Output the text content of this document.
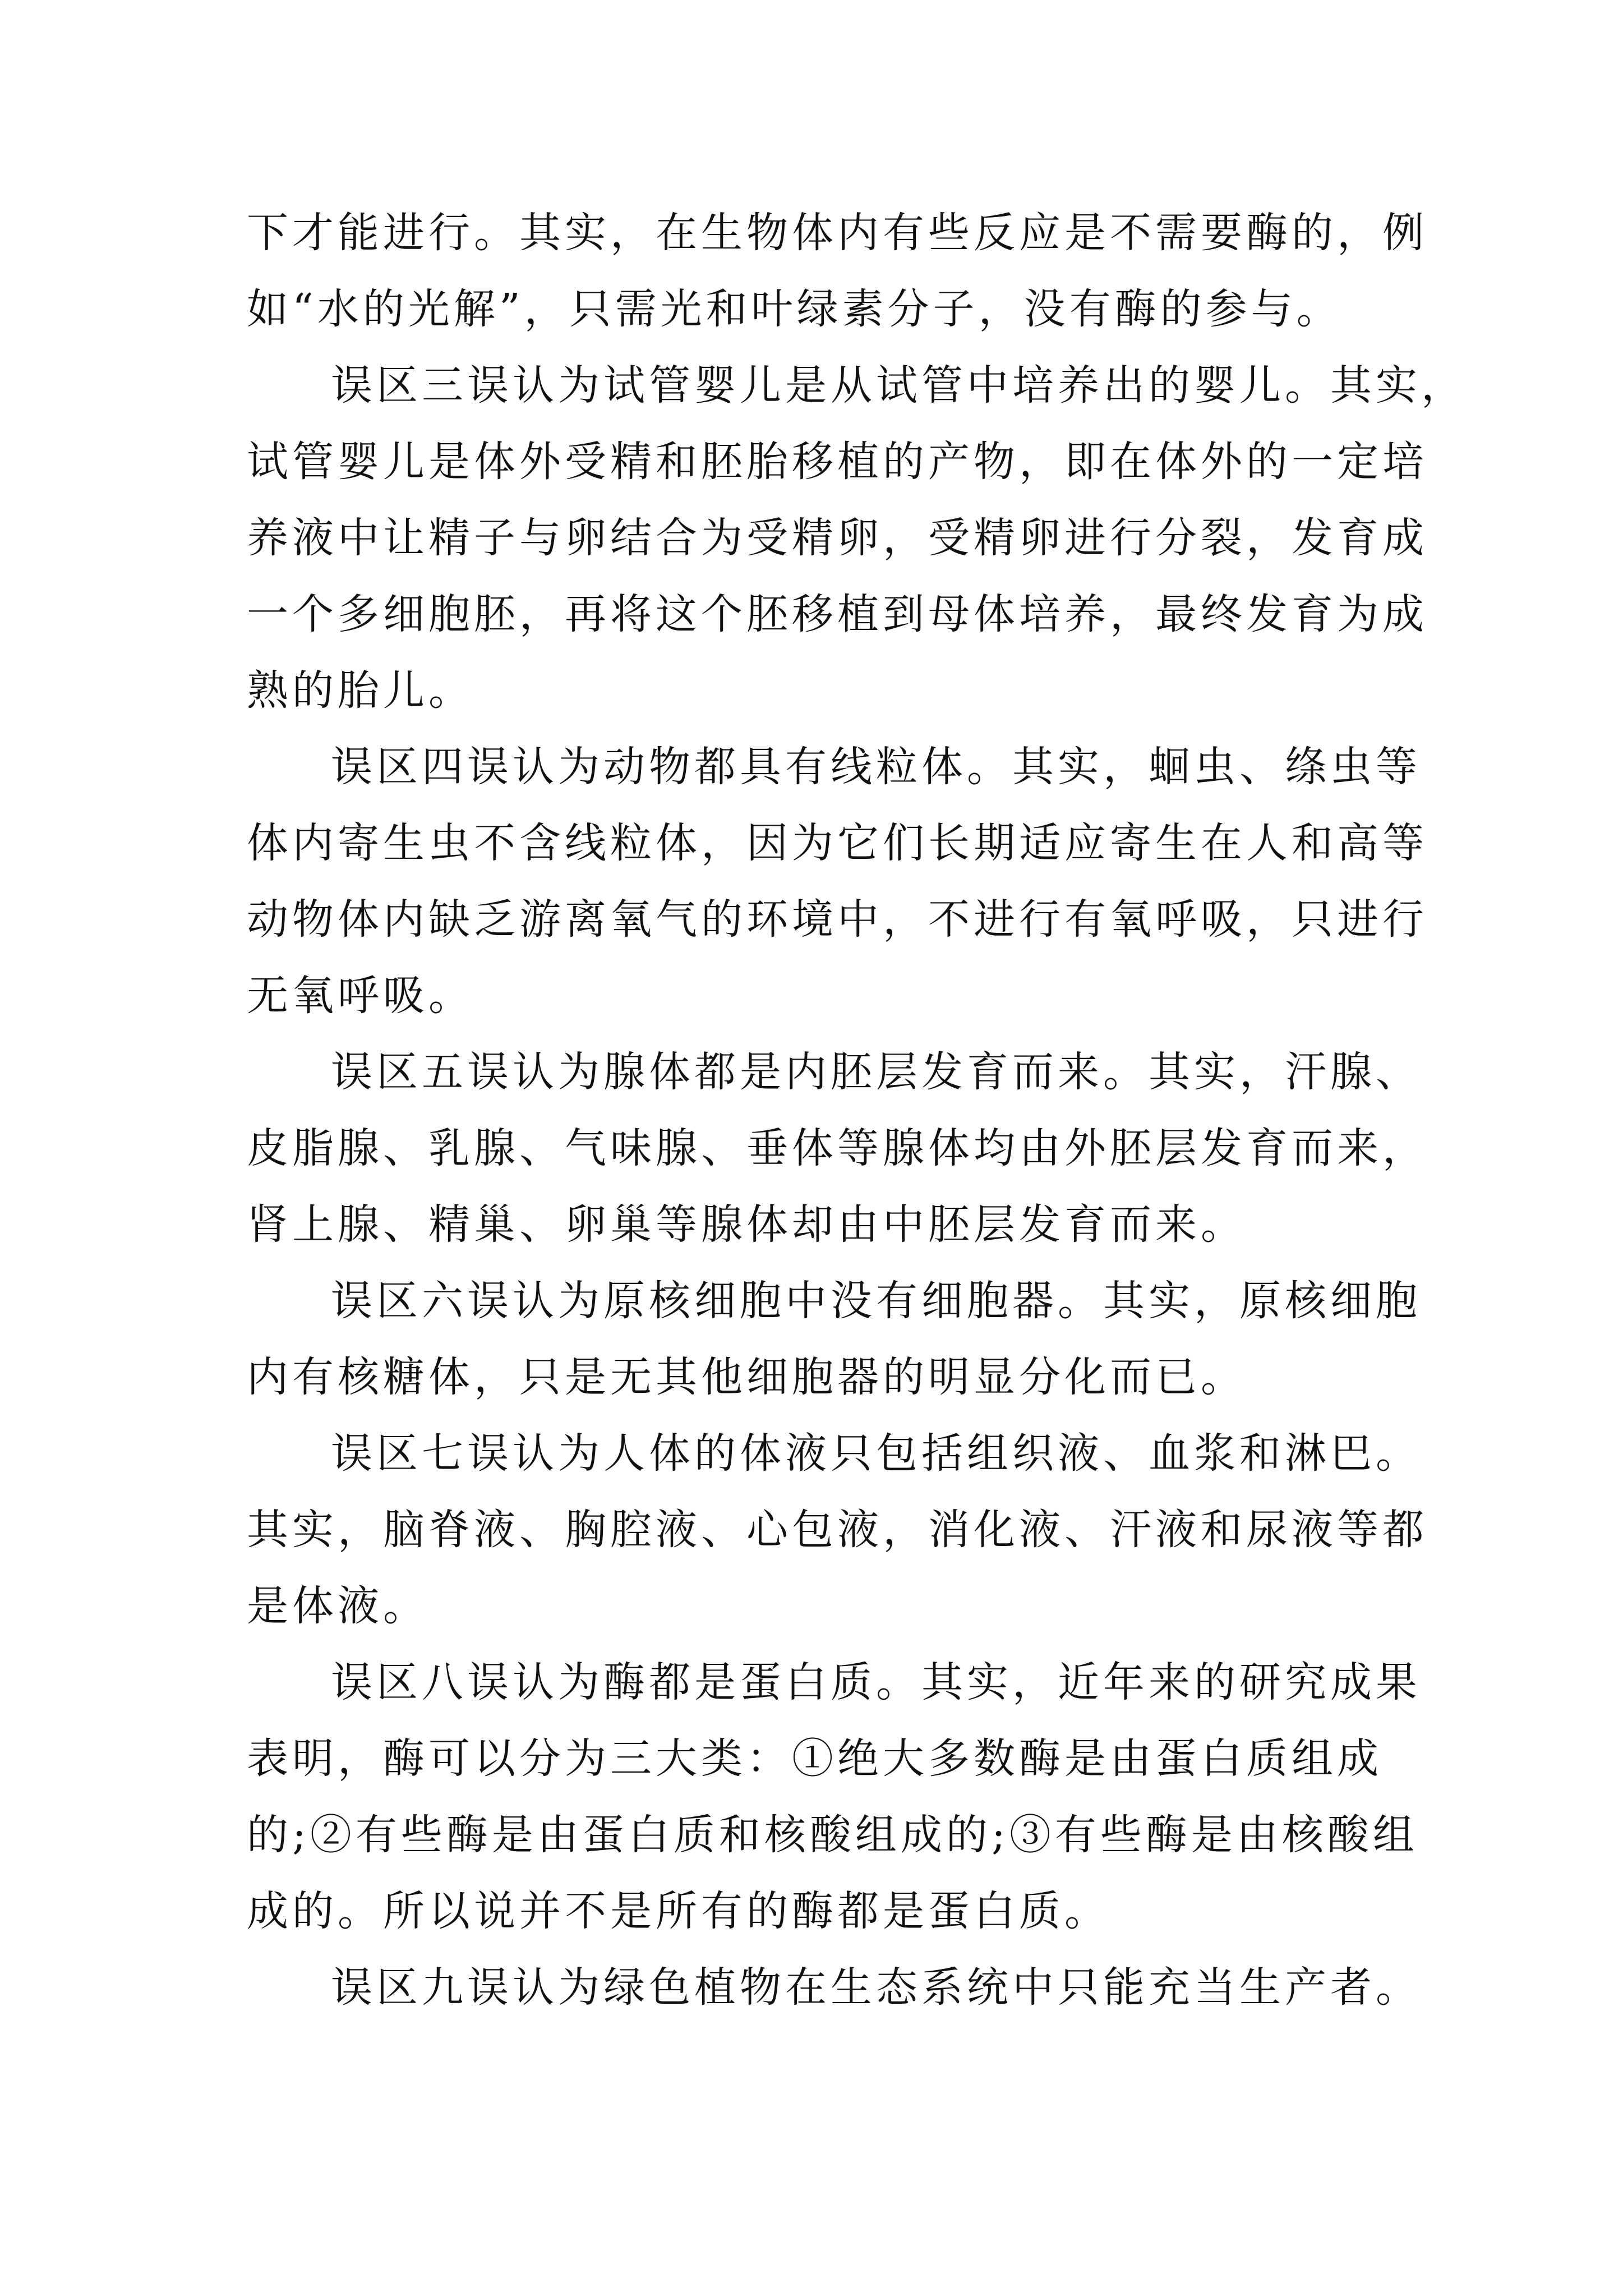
下才能进行。其实，在生物体内有些反应是不需要酶的，例

如“水的光解”，只需光和叶绿素分子，没有酶的参与。

误区三误认为试管婴儿是从试管中培养出的婴儿。其实，

试管婴儿是体外受精和胚胎移植的产物，即在体外的一定培

养液中让精子与卵结合为受精卵，受精卵进行分裂，发育成

一个多细胞胚，再将这个胚移植到母体培养，最终发育为成

熟的胎儿。

误区四误认为动物都具有线粒体。其实，蛔虫、绦虫等

体内寄生虫不含线粒体，因为它们长期适应寄生在人和高等

动物体内缺乏游离氧气的环境中，不进行有氧呼吸，只进行

无氧呼吸。

误区五误认为腺体都是内胚层发育而来。其实，汗腺、

皮脂腺、乳腺、气味腺、垂体等腺体均由外胚层发育而来，

肾上腺、精巢、卵巢等腺体却由中胚层发育而来。

误区六误认为原核细胞中没有细胞器。其实，原核细胞

内有核糖体，只是无其他细胞器的明显分化而已。

误区七误认为人体的体液只包括组织液、血浆和淋巴。

其实，脑脊液、胸腔液、心包液，消化液、汗液和尿液等都

是体液。

误区八误认为酶都是蛋白质。其实，近年来的研究成果

表明，酶可以分为三大类：①绝大多数酶是由蛋白质组成

的;②有些酶是由蛋白质和核酸组成的;③有些酶是由核酸组

成的。所以说并不是所有的酶都是蛋白质。

误区九误认为绿色植物在生态系统中只能充当生产者。
